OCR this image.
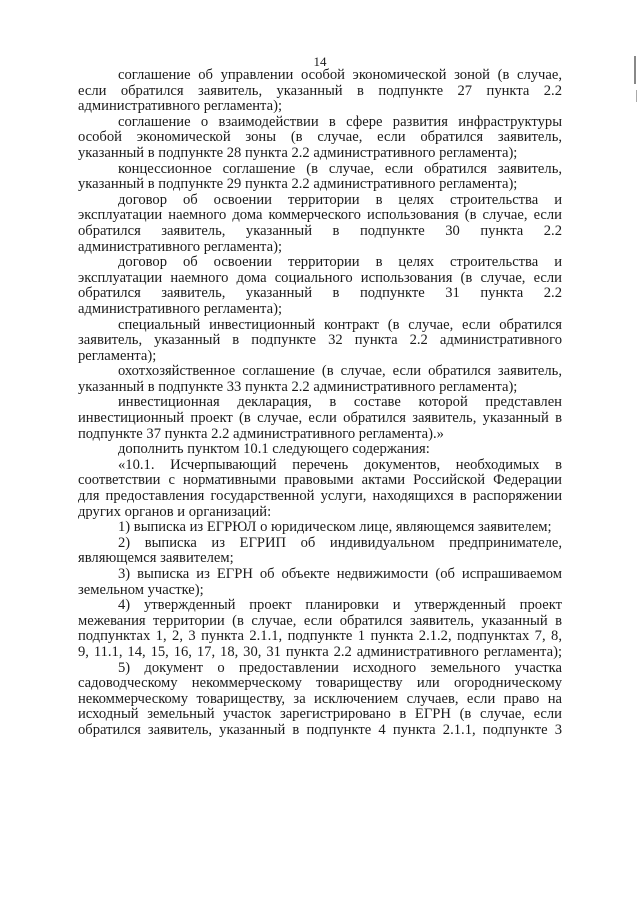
14
соглашение об управлении особой экономической зоной (в случае,
если обратился заявитель, указанный в подпункте 27 пункта 2.2
административного регламента);
соглашение о взаимодействии в сфере развития инфраструктуры
особой экономической зоны (в случае, если обратился заявитель,
указанный в подпункте 28 пункта 2.2 административного регламента);
концессионное соглашение (в случае, если обратился заявитель,
указанный в подпункте 29 пункта 2.2 административного регламента);
договор об освоении территории в целях строительства и
эксплуатации наемного дома коммерческого использования (в случае, если
обратился заявитель, указанный в подпункте 30 пункта 2.2
административного регламента);
договор об освоении территории в целях строительства и
эксплуатации наемного дома социального использования (в случае, если
обратился заявитель, указанный в подпункте 31 пункта 2.2
административного регламента);
специальный инвестиционный контракт (в случае, если обратился
заявитель, указанный в подпункте 32 пункта 2.2 административного
регламента);
охотхозяйственное соглашение (в случае, если обратился заявитель,
указанный в подпункте 33 пункта 2.2 административного регламента);
инвестиционная декларация, в составе которой представлен
инвестиционный проект (в случае, если обратился заявитель, указанный в
подпункте 37 пункта 2.2 административного регламента).»
дополнить пунктом 10.1 следующего содержания:
«10.1. Исчерпывающий перечень документов, необходимых в
соответствии с нормативными правовыми актами Российской Федерации
для предоставления государственной услуги, находящихся в распоряжении
других органов и организаций:
1) выписка из ЕГРЮЛ о юридическом лице, являющемся заявителем;
2) выписка из ЕГРИП об индивидуальном предпринимателе,
являющемся заявителем;
3) выписка из ЕГРН об объекте недвижимости (об испрашиваемом
земельном участке);
4) утвержденный проект планировки и утвержденный проект
межевания территории (в случае, если обратился заявитель, указанный в
подпунктах 1, 2, 3 пункта 2.1.1, подпункте 1 пункта 2.1.2, подпунктах 7, 8,
9, 11.1, 14, 15, 16, 17, 18, 30, 31 пункта 2.2 административного регламента);
5) документ о предоставлении исходного земельного участка
садоводческому некоммерческому товариществу или огородническому
некоммерческому товариществу, за исключением случаев, если право на
исходный земельный участок зарегистрировано в ЕГРН (в случае, если
обратился заявитель, указанный в подпункте 4 пункта 2.1.1, подпункте 3
